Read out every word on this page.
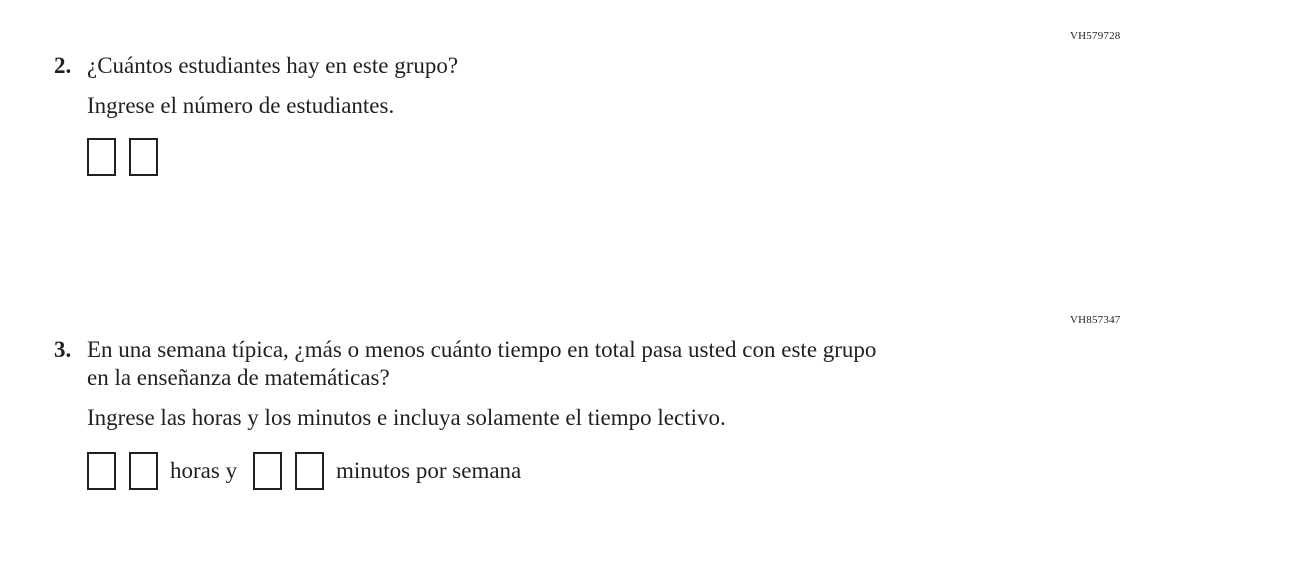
VH579728
2. ¿Cuántos estudiantes hay en este grupo?
Ingrese el número de estudiantes.
VH857347
3. En una semana típica, ¿más o menos cuánto tiempo en total pasa usted con este grupo
en la enseñanza de matemáticas?
Ingrese las horas y los minutos e incluya solamente el tiempo lectivo.
horas y	minutos por semana
